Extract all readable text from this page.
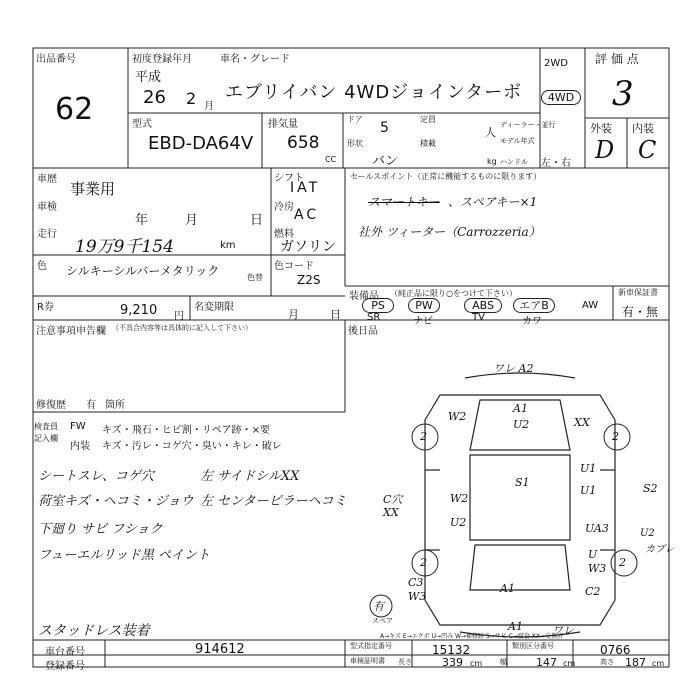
出品番号
62
初度登録年月	車名・グレード
平成
26 2 月
エブリイバン 4WDジョインターボ
2WD
4WD
評 価 点
3
外装 内装
D C
型式
EBD-DA64V
排気量
658
CC
ドア
5
定員
人
形状
バン
積載
kg
ディーラー・並行
モデル年式
ハンドル 左・右
車歴
事業用
車検
年	月	日
走行
19万9千154	km
シフト
IAT
冷房 AC
燃料
ガソリン
色 シルキーシルバーメタリック	色替
色コード
Z2S
R券	9,210 円
名変期限
月	日
セールスポイント（正常に機能するものに限ります）
スマートキー 、スペアキー×1
社外 ツィーター（Carrozzeria）
装備品 （純正品に限り○をつけて下さい）
PS
SR
PW
ナビ
ABS
TV
エアB
カワ
AW
新車保証書
有・無
注意事項申告欄 （不具合内容等は具体的に記入して下さい）	後日品
修復歴 有 箇所
検査員記入欄
FW キズ・飛石・ヒビ割・リペア跡・×要
内装 キズ・汚レ・コゲ穴・臭い・キレ・破レ
シートスレ、コゲ穴	左 サイドシルXX
荷室キズ・ヘコミ・ジョウ 左 センターピラーヘコミ
下廻り サビ フショク
フューエルリッド黒 ペイント
スタッドレス装着
ワレ A2
A1
U2
W2
2
XX
2
U1
U1
S1	S2
C穴
XX
W2
U2	UA3	U2
カブレ
2
U
W3 2
C3
W3
A1	C2
有
スペア	A1	ワレ
A→キズ E→エクボ U→凹み W→補修跡 S→サビ C→腐食 XX→交換済
車台番号	914612
登録番号
型式指定番号	15132	類別区分番号	0766
車検証明書 長さ	339 cm	幅	147 cm	高さ 187 cm
